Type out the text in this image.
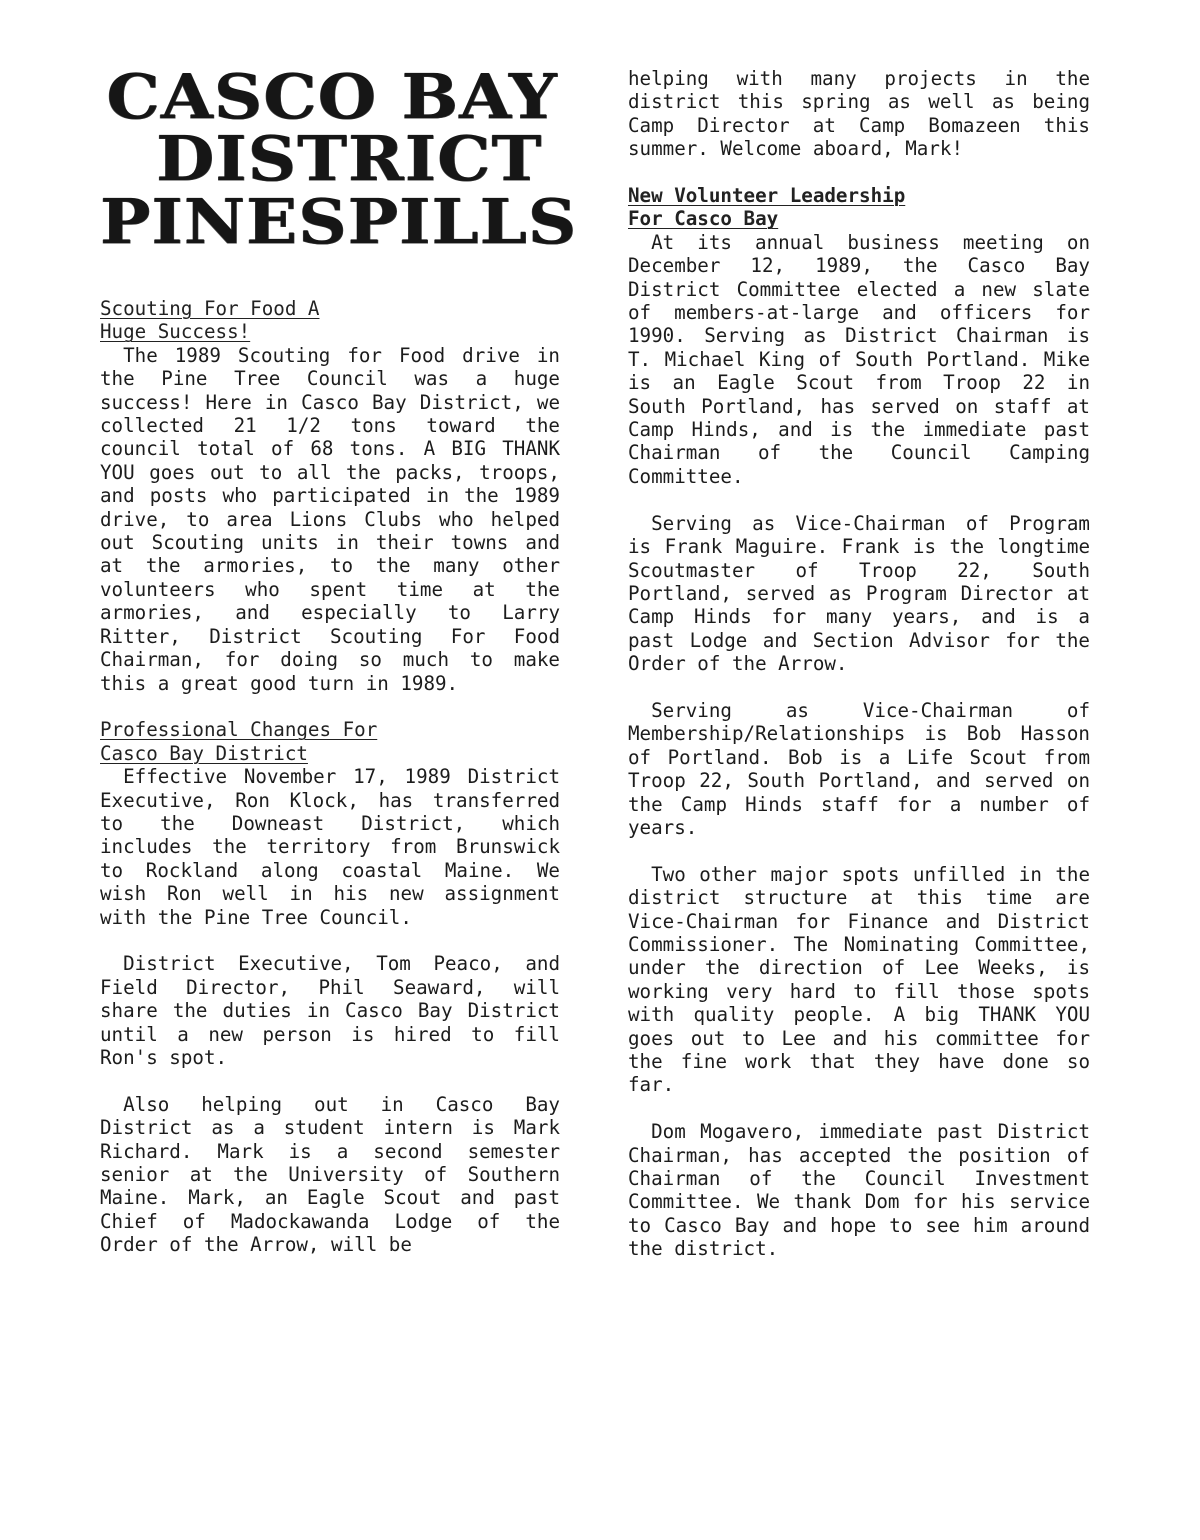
CASCO BAY
DISTRICT
PINESPILLS

Scouting For Food A

Huge Success!

The 1989 Scouting for Food drive in the Pine Tree Council was a huge success! Here in Casco Bay District, we collected 21 1/2 tons toward the council total of 68 tons. A BIG THANK YOU goes out to all the packs, troops, and posts who participated in the 1989 drive, to area Lions Clubs who helped out Scouting units in their towns and at the armories, to the many other volunteers who spent time at the armories, and especially to Larry Ritter, District Scouting For Food Chairman, for doing so much to make this a great good turn in 1989.

Professional Changes For

Casco Bay District

Effective November 17, 1989 District Executive, Ron Klock, has transferred to the Downeast District, which includes the territory from Brunswick to Rockland along coastal Maine. We wish Ron well in his new assignment with the Pine Tree Council.

District Executive, Tom Peaco, and Field Director, Phil Seaward, will share the duties in Casco Bay District until a new person is hired to fill Ron's spot.

Also helping out in Casco Bay District as a student intern is Mark Richard. Mark is a second semester senior at the University of Southern Maine. Mark, an Eagle Scout and past Chief of Madockawanda Lodge of the Order of the Arrow, will be

helping with many projects in the district this spring as well as being Camp Director at Camp Bomazeen this summer. Welcome aboard, Mark!

New Volunteer Leadership

For Casco Bay

At its annual business meeting on December 12, 1989, the Casco Bay District Committee elected a new slate of members-at-large and officers for 1990. Serving as District Chairman is T. Michael King of South Portland. Mike is an Eagle Scout from Troop 22 in South Portland, has served on staff at Camp Hinds, and is the immediate past Chairman of the Council Camping Committee.

Serving as Vice-Chairman of Program is Frank Maguire. Frank is the longtime Scoutmaster of Troop 22, South Portland, served as Program Director at Camp Hinds for many years, and is a past Lodge and Section Advisor for the Order of the Arrow.

Serving as Vice-Chairman of Membership/Relationships is Bob Hasson of Portland. Bob is a Life Scout from Troop 22, South Portland, and served on the Camp Hinds staff for a number of years.

Two other major spots unfilled in the district structure at this time are Vice-Chairman for Finance and District Commissioner. The Nominating Committee, under the direction of Lee Weeks, is working very hard to fill those spots with quality people. A big THANK YOU goes out to Lee and his committee for the fine work that they have done so far.

Dom Mogavero, immediate past District Chairman, has accepted the position of Chairman of the Council Investment Committee. We thank Dom for his service to Casco Bay and hope to see him around the district.
